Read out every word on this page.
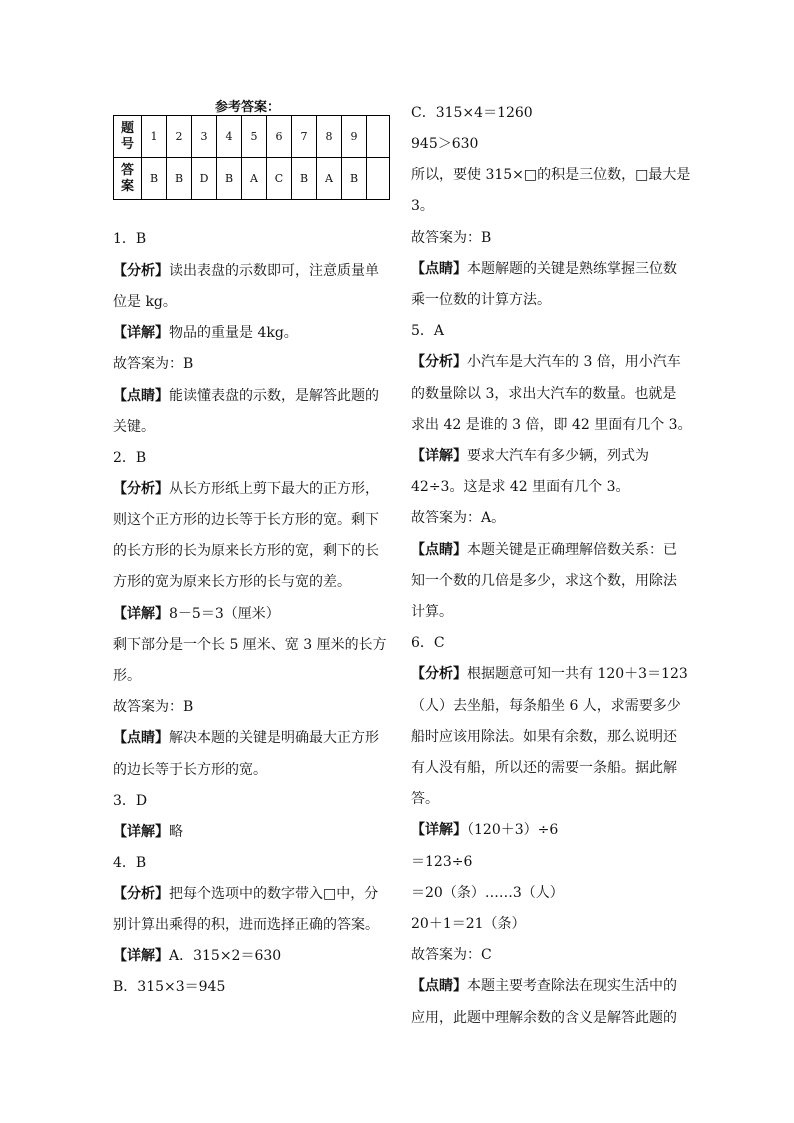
参考答案：
题
号	1	2	3	4	5	6	7	8	9	
答
案	B	B	D	B	A	C	B	A	B	
1．B
【分析】读出表盘的示数即可，注意质量单
位是 kg。
【详解】物品的重量是 4kg。
故答案为：B
【点睛】能读懂表盘的示数，是解答此题的
关键。
2．B
【分析】从长方形纸上剪下最大的正方形，
则这个正方形的边长等于长方形的宽。剩下
的长方形的长为原来长方形的宽，剩下的长
方形的宽为原来长方形的长与宽的差。
【详解】8－5＝3（厘米）
剩下部分是一个长 5 厘米、宽 3 厘米的长方
形。
故答案为：B
【点睛】解决本题的关键是明确最大正方形
的边长等于长方形的宽。
3．D
【详解】略
4．B
【分析】把每个选项中的数字带入□中，分
别计算出乘得的积，进而选择正确的答案。
【详解】A．315×2＝630
B．315×3＝945
C．315×4＝1260
945＞630
所以，要使 315×□的积是三位数，□最大是
3。
故答案为：B
【点睛】本题解题的关键是熟练掌握三位数
乘一位数的计算方法。
5．A
【分析】小汽车是大汽车的 3 倍，用小汽车
的数量除以 3，求出大汽车的数量。也就是
求出 42 是谁的 3 倍，即 42 里面有几个 3。
【详解】要求大汽车有多少辆，列式为
42÷3。这是求 42 里面有几个 3。
故答案为：A。
【点睛】本题关键是正确理解倍数关系：已
知一个数的几倍是多少，求这个数，用除法
计算。
6．C
【分析】根据题意可知一共有 120＋3＝123
（人）去坐船，每条船坐 6 人，求需要多少
船时应该用除法。如果有余数，那么说明还
有人没有船，所以还的需要一条船。据此解
答。
【详解】（120＋3）÷6
＝123÷6
＝20（条）……3（人）
20＋1＝21（条）
故答案为：C
【点睛】本题主要考查除法在现实生活中的
应用，此题中理解余数的含义是解答此题的
